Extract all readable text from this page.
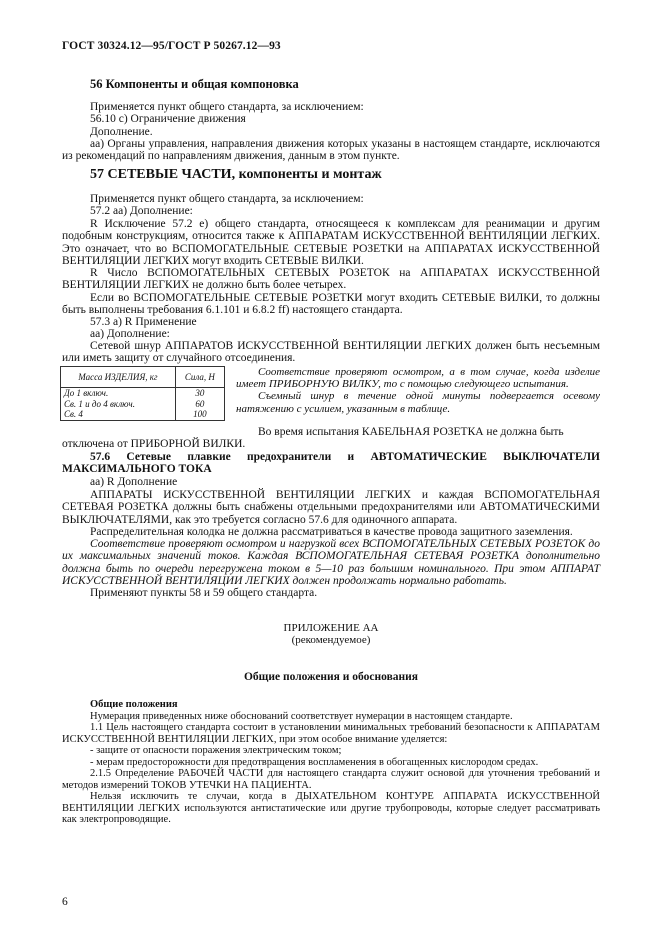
ГОСТ 30324.12—95/ГОСТ Р 50267.12—93

56 Компоненты и общая компоновка

Применяется пункт общего стандарта, за исключением:

56.10 с) Ограничение движения

Дополнение.

аа) Органы управления, направления движения которых указаны в настоящем стандарте, исключаются из рекомендаций по направлениям движения, данным в этом пункте.

57 СЕТЕВЫЕ ЧАСТИ, компоненты и монтаж

Применяется пункт общего стандарта, за исключением:

57.2 аа) Дополнение:

R Исключение 57.2 е) общего стандарта, относящееся к комплексам для реанимации и другим подобным конструкциям, относится также к АППАРАТАМ ИСКУССТВЕННОЙ ВЕНТИЛЯЦИИ ЛЕГКИХ. Это означает, что во ВСПОМОГАТЕЛЬНЫЕ СЕТЕВЫЕ РОЗЕТКИ на АППАРАТАХ ИСКУССТВЕННОЙ ВЕНТИЛЯЦИИ ЛЕГКИХ могут входить СЕТЕВЫЕ ВИЛКИ.

R Число ВСПОМОГАТЕЛЬНЫХ СЕТЕВЫХ РОЗЕТОК на АППАРАТАХ ИСКУССТВЕННОЙ ВЕНТИЛЯЦИИ ЛЕГКИХ не должно быть более четырех.

Если во ВСПОМОГАТЕЛЬНЫЕ СЕТЕВЫЕ РОЗЕТКИ могут входить СЕТЕВЫЕ ВИЛКИ, то должны быть выполнены требования 6.1.101 и 6.8.2 ff) настоящего стандарта.

57.3 а) R Применение

аа) Дополнение:

Сетевой шнур АППАРАТОВ ИСКУССТВЕННОЙ ВЕНТИЛЯЦИИ ЛЕГКИХ должен быть несъемным или иметь защиту от случайного отсоединения.

Масса ИЗДЕЛИЯ, кг	Сила, Н
До 1 включ.	30
Св. 1 и до 4 включ.	60
Св. 4	100

Соответствие проверяют осмотром, а в том случае, когда изделие имеет ПРИБОРНУЮ ВИЛКУ, то с помощью следующего испытания.

Съемный шнур в течение одной минуты подвергается осевому натяжению с усилием, указанным в таблице.

Во время испытания КАБЕЛЬНАЯ РОЗЕТКА не должна быть

отключена от ПРИБОРНОЙ ВИЛКИ.

57.6 Сетевые плавкие предохранители и АВТОМАТИЧЕСКИЕ ВЫКЛЮЧАТЕЛИ МАКСИМАЛЬНОГО ТОКА

аа) R Дополнение

АППАРАТЫ ИСКУССТВЕННОЙ ВЕНТИЛЯЦИИ ЛЕГКИХ и каждая ВСПОМОГАТЕЛЬНАЯ СЕТЕВАЯ РОЗЕТКА должны быть снабжены отдельными предохранителями или АВТОМАТИЧЕСКИМИ ВЫКЛЮЧАТЕЛЯМИ, как это требуется согласно 57.6 для одиночного аппарата.

Распределительная колодка не должна рассматриваться в качестве провода защитного заземления.

Соответствие проверяют осмотром и нагрузкой всех ВСПОМОГАТЕЛЬНЫХ СЕТЕВЫХ РОЗЕТОК до их максимальных значений токов. Каждая ВСПОМОГАТЕЛЬНАЯ СЕТЕВАЯ РОЗЕТКА дополнительно должна быть по очереди перегружена током в 5—10 раз большим номинального. При этом АППАРАТ ИСКУССТВЕННОЙ ВЕНТИЛЯЦИИ ЛЕГКИХ должен продолжать нормально работать.

Применяют пункты 58 и 59 общего стандарта.

ПРИЛОЖЕНИЕ АА

(рекомендуемое)

Общие положения и обоснования

Общие положения

Нумерация приведенных ниже обоснований соответствует нумерации в настоящем стандарте.

1.1 Цель настоящего стандарта состоит в установлении минимальных требований безопасности к АППАРАТАМ ИСКУССТВЕННОЙ ВЕНТИЛЯЦИИ ЛЕГКИХ, при этом особое внимание уделяется:

- защите от опасности поражения электрическим током;

- мерам предосторожности для предотвращения воспламенения в обогащенных кислородом средах.

2.1.5 Определение РАБОЧЕЙ ЧАСТИ для настоящего стандарта служит основой для уточнения требований и методов измерений ТОКОВ УТЕЧКИ НА ПАЦИЕНТА.

Нельзя исключить те случаи, когда в ДЫХАТЕЛЬНОМ КОНТУРЕ АППАРАТА ИСКУССТВЕННОЙ ВЕНТИЛЯЦИИ ЛЕГКИХ используются антистатические или другие трубопроводы, которые следует рассматривать как электропроводящие.

6
